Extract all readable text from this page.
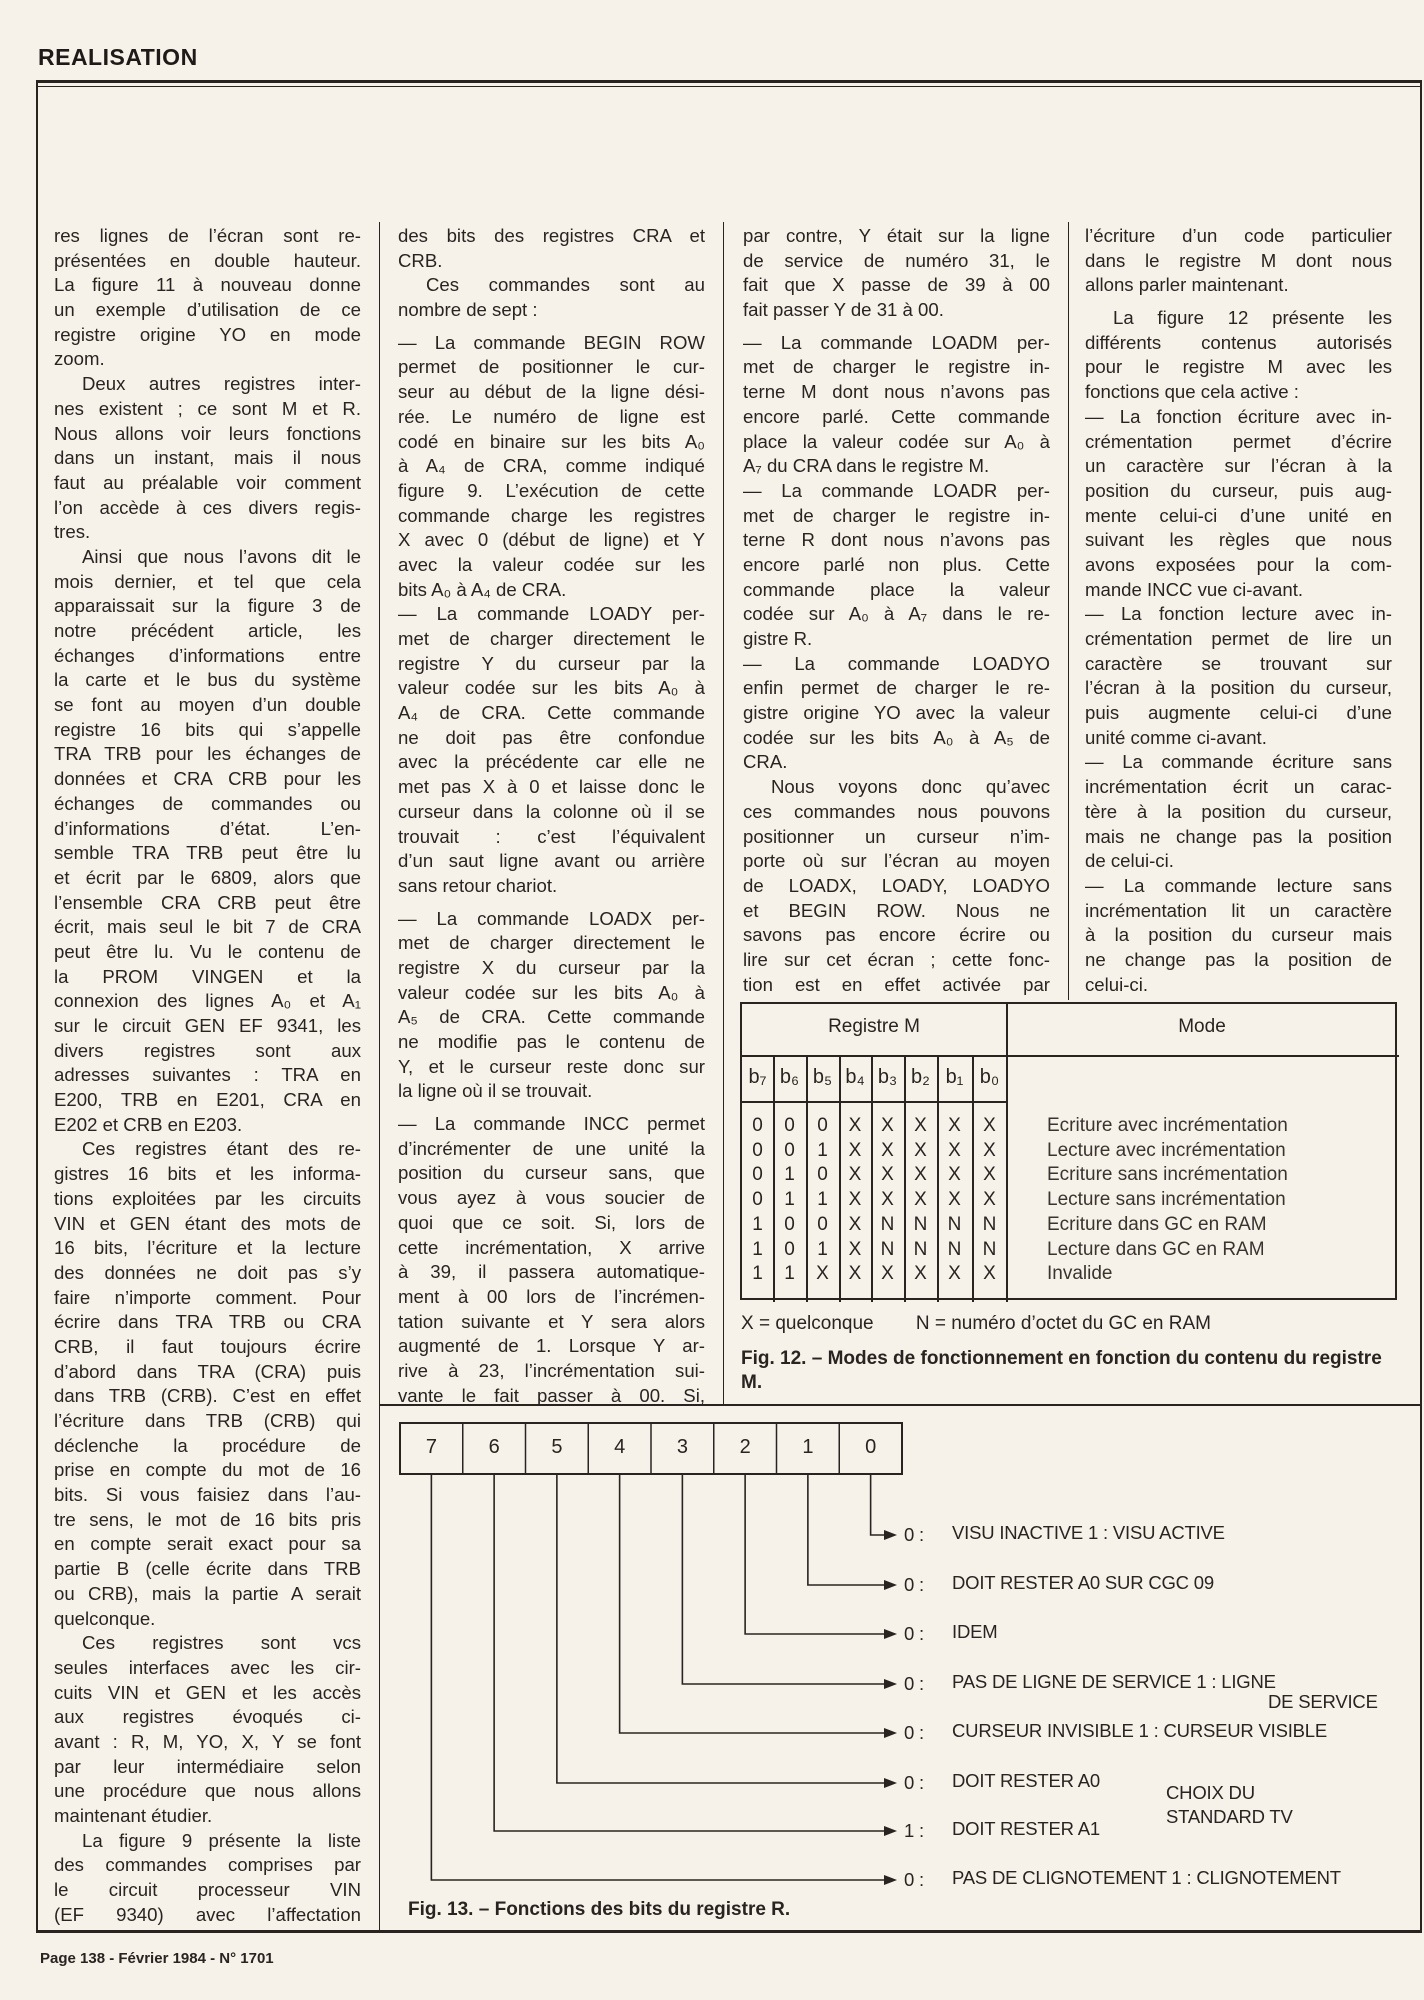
REALISATION
res lignes de l’écran sont re-
présentées en double hauteur.
La figure 11 à nouveau donne
un exemple d’utilisation de ce
registre origine YO en mode
zoom.
Deux autres registres inter-
nes existent ; ce sont M et R.
Nous allons voir leurs fonctions
dans un instant, mais il nous
faut au préalable voir comment
l’on accède à ces divers regis-
tres.
Ainsi que nous l’avons dit le
mois dernier, et tel que cela
apparaissait sur la figure 3 de
notre précédent article, les
échanges d’informations entre
la carte et le bus du système
se font au moyen d’un double
registre 16 bits qui s’appelle
TRA TRB pour les échanges de
données et CRA CRB pour les
échanges de commandes ou
d’informations d’état. L’en-
semble TRA TRB peut être lu
et écrit par le 6809, alors que
l’ensemble CRA CRB peut être
écrit, mais seul le bit 7 de CRA
peut être lu. Vu le contenu de
la PROM VINGEN et la
connexion des lignes A₀ et A₁
sur le circuit GEN EF 9341, les
divers registres sont aux
adresses suivantes : TRA en
E200, TRB en E201, CRA en
E202 et CRB en E203.
Ces registres étant des re-
gistres 16 bits et les informa-
tions exploitées par les circuits
VIN et GEN étant des mots de
16 bits, l’écriture et la lecture
des données ne doit pas s’y
faire n’importe comment. Pour
écrire dans TRA TRB ou CRA
CRB, il faut toujours écrire
d’abord dans TRA (CRA) puis
dans TRB (CRB). C’est en effet
l’écriture dans TRB (CRB) qui
déclenche la procédure de
prise en compte du mot de 16
bits. Si vous faisiez dans l’au-
tre sens, le mot de 16 bits pris
en compte serait exact pour sa
partie B (celle écrite dans TRB
ou CRB), mais la partie A serait
quelconque.
Ces registres sont vcs
seules interfaces avec les cir-
cuits VIN et GEN et les accès
aux registres évoqués ci-
avant : R, M, YO, X, Y se font
par leur intermédiaire selon
une procédure que nous allons
maintenant étudier.
La figure 9 présente la liste
des commandes comprises par
le circuit processeur VIN
(EF 9340) avec l’affectation
des bits des registres CRA et
CRB.
Ces commandes sont au
nombre de sept :
— La commande BEGIN ROW
permet de positionner le cur-
seur au début de la ligne dési-
rée. Le numéro de ligne est
codé en binaire sur les bits A₀
à A₄ de CRA, comme indiqué
figure 9. L’exécution de cette
commande charge les registres
X avec 0 (début de ligne) et Y
avec la valeur codée sur les
bits A₀ à A₄ de CRA.
— La commande LOADY per-
met de charger directement le
registre Y du curseur par la
valeur codée sur les bits A₀ à
A₄ de CRA. Cette commande
ne doit pas être confondue
avec la précédente car elle ne
met pas X à 0 et laisse donc le
curseur dans la colonne où il se
trouvait : c’est l’équivalent
d’un saut ligne avant ou arrière
sans retour chariot.
— La commande LOADX per-
met de charger directement le
registre X du curseur par la
valeur codée sur les bits A₀ à
A₅ de CRA. Cette commande
ne modifie pas le contenu de
Y, et le curseur reste donc sur
la ligne où il se trouvait.
— La commande INCC permet
d’incrémenter de une unité la
position du curseur sans, que
vous ayez à vous soucier de
quoi que ce soit. Si, lors de
cette incrémentation, X arrive
à 39, il passera automatique-
ment à 00 lors de l’incrémen-
tation suivante et Y sera alors
augmenté de 1. Lorsque Y ar-
rive à 23, l’incrémentation sui-
vante le fait passer à 00. Si,
par contre, Y était sur la ligne
de service de numéro 31, le
fait que X passe de 39 à 00
fait passer Y de 31 à 00.
— La commande LOADM per-
met de charger le registre in-
terne M dont nous n’avons pas
encore parlé. Cette commande
place la valeur codée sur A₀ à
A₇ du CRA dans le registre M.
— La commande LOADR per-
met de charger le registre in-
terne R dont nous n’avons pas
encore parlé non plus. Cette
commande place la valeur
codée sur A₀ à A₇ dans le re-
gistre R.
— La commande LOADYO
enfin permet de charger le re-
gistre origine YO avec la valeur
codée sur les bits A₀ à A₅ de
CRA.
Nous voyons donc qu’avec
ces commandes nous pouvons
positionner un curseur n’im-
porte où sur l’écran au moyen
de LOADX, LOADY, LOADYO
et BEGIN ROW. Nous ne
savons pas encore écrire ou
lire sur cet écran ; cette fonc-
tion est en effet activée par
l’écriture d’un code particulier
dans le registre M dont nous
allons parler maintenant.
La figure 12 présente les
différents contenus autorisés
pour le registre M avec les
fonctions que cela active :
— La fonction écriture avec in-
crémentation permet d’écrire
un caractère sur l’écran à la
position du curseur, puis aug-
mente celui-ci d’une unité en
suivant les règles que nous
avons exposées pour la com-
mande INCC vue ci-avant.
— La fonction lecture avec in-
crémentation permet de lire un
caractère se trouvant sur
l’écran à la position du curseur,
puis augmente celui-ci d’une
unité comme ci-avant.
— La commande écriture sans
incrémentation écrit un carac-
tère à la position du curseur,
mais ne change pas la position
de celui-ci.
— La commande lecture sans
incrémentation lit un caractère
à la position du curseur mais
ne change pas la position de
celui-ci.
Registre M	Mode
b₇ b₆ b₅ b₄ b₃ b₂ b₁ b₀
0	0	0	X	X	X	X	X	Ecriture avec incrémentation
0	0	1	X	X	X	X	X	Lecture avec incrémentation
0	1	0	X	X	X	X	X	Ecriture sans incrémentation
0	1	1	X	X	X	X	X	Lecture sans incrémentation
1	0	0	X	N	N	N	N	Ecriture dans GC en RAM
1	0	1	X	N	N	N	N	Lecture dans GC en RAM
1	1	X	X	X	X	X	X	Invalide
X = quelconque        N = numéro d’octet du GC en RAM
Fig. 12. – Modes de fonctionnement en fonction du contenu du registre M.
7	6	5	4	3	2	1	0
0 : VISU INACTIVE 1 : VISU ACTIVE
0 : DOIT RESTER A0 SUR CGC 09
0 : IDEM
0 : PAS DE LIGNE DE SERVICE 1 : LIGNE
DE SERVICE
0 : CURSEUR INVISIBLE 1 : CURSEUR VISIBLE
0 : DOIT RESTER A0
1 : DOIT RESTER A1
0 : PAS DE CLIGNOTEMENT 1 : CLIGNOTEMENT
CHOIX DU
STANDARD TV
Fig. 13. – Fonctions des bits du registre R.
Page 138 - Février 1984 - N° 1701
